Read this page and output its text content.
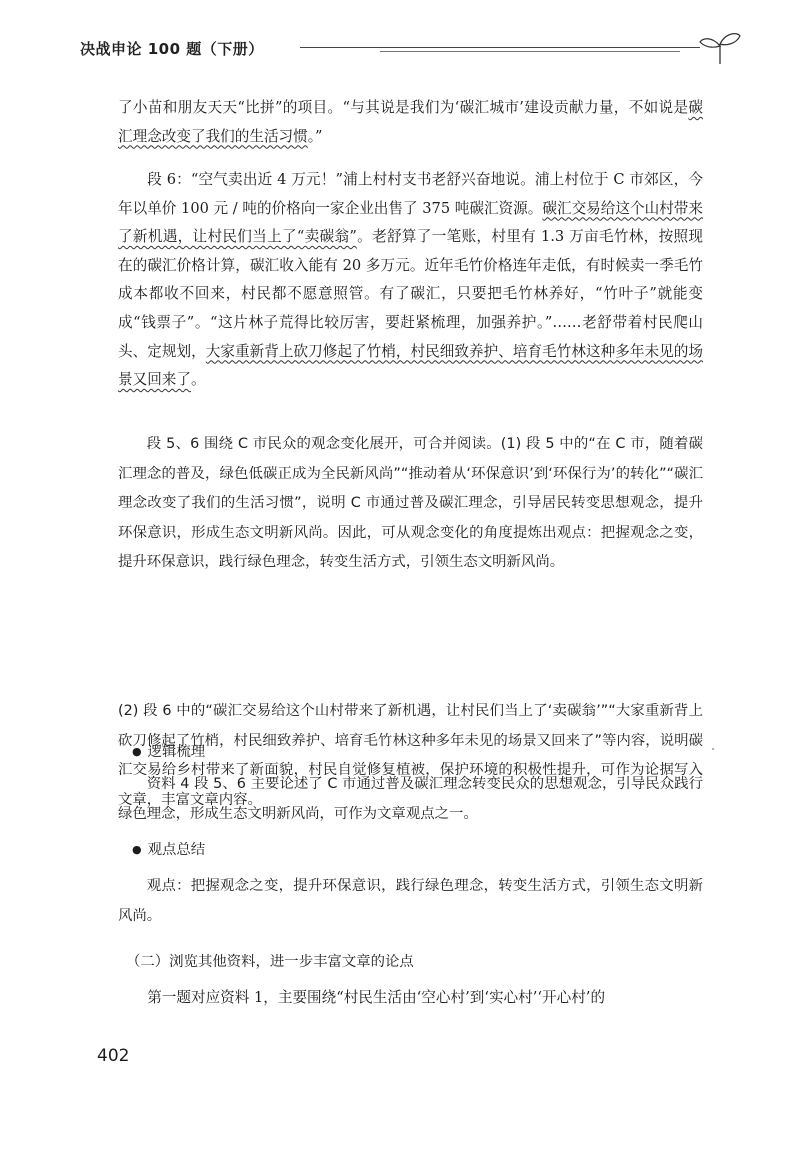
决战申论 100 题（下册）
了小苗和朋友天天“比拼”的项目。“与其说是我们为‘碳汇城市’建设贡献力量，不如说是碳汇理念改变了我们的生活习惯。”
段 6：“空气卖出近 4 万元！”浦上村村支书老舒兴奋地说。浦上村位于 C 市郊区，今年以单价 100 元 / 吨的价格向一家企业出售了 375 吨碳汇资源。碳汇交易给这个山村带来了新机遇，让村民们当上了“卖碳翁”。老舒算了一笔账，村里有 1.3 万亩毛竹林，按照现在的碳汇价格计算，碳汇收入能有 20 多万元。近年毛竹价格连年走低，有时候卖一季毛竹成本都收不回来，村民都不愿意照管。有了碳汇，只要把毛竹林养好，“竹叶子”就能变成“钱票子”。“这片林子荒得比较厉害，要赶紧梳理，加强养护。”……老舒带着村民爬山头、定规划，大家重新背上砍刀修起了竹梢，村民细致养护、培育毛竹林这种多年未见的场景又回来了。
段 5、6 围绕 C 市民众的观念变化展开，可合并阅读。(1) 段 5 中的“在 C 市，随着碳汇理念的普及，绿色低碳正成为全民新风尚”“推动着从‘环保意识’到‘环保行为’的转化”“碳汇理念改变了我们的生活习惯”，说明 C 市通过普及碳汇理念，引导居民转变思想观念，提升环保意识，形成生态文明新风尚。因此，可从观念变化的角度提炼出观点：把握观念之变，提升环保意识，践行绿色理念，转变生活方式，引领生态文明新风尚。
(2) 段 6 中的“碳汇交易给这个山村带来了新机遇，让村民们当上了‘卖碳翁’”“大家重新背上砍刀修起了竹梢，村民细致养护、培育毛竹林这种多年未见的场景又回来了”等内容，说明碳汇交易给乡村带来了新面貌，村民自觉修复植被，保护环境的积极性提升，可作为论据写入文章，丰富文章内容。
● 逻辑梳理
资料 4 段 5、6 主要论述了 C 市通过普及碳汇理念转变民众的思想观念，引导民众践行绿色理念，形成生态文明新风尚，可作为文章观点之一。
● 观点总结
观点：把握观念之变，提升环保意识，践行绿色理念，转变生活方式，引领生态文明新风尚。
（二）浏览其他资料，进一步丰富文章的论点
第一题对应资料 1，主要围绕“村民生活由‘空心村’到‘实心村’‘开心村’的
402
